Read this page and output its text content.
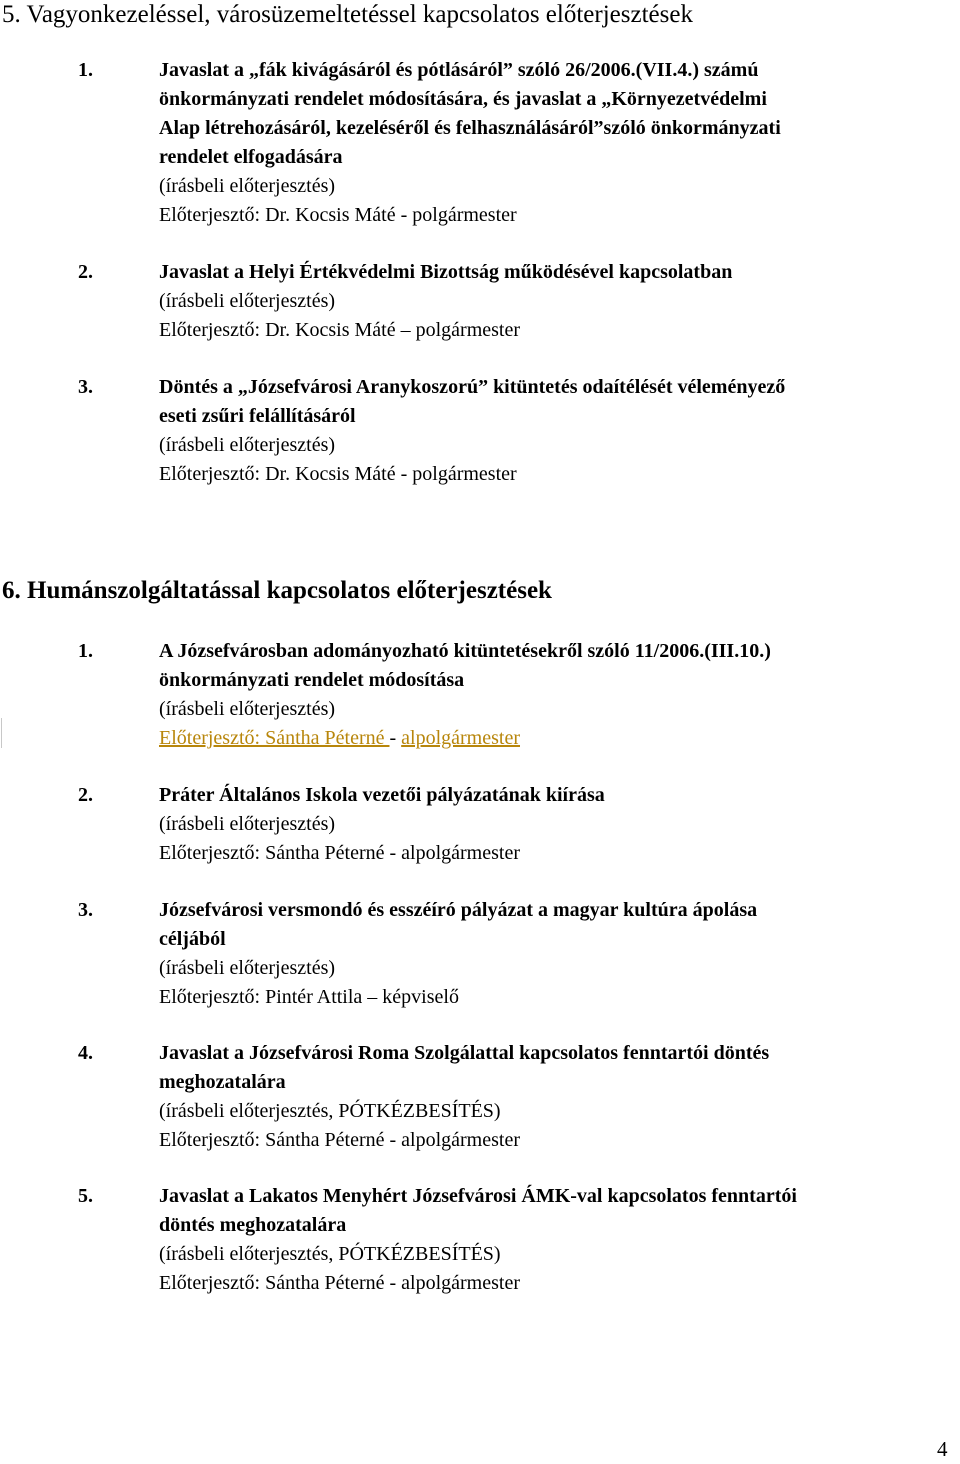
5. Vagyonkezeléssel, városüzemeltetéssel kapcsolatos előterjesztések
1.	Javaslat a „fák kivágásáról és pótlásáról” szóló 26/2006.(VII.4.) számú
önkormányzati rendelet módosítására, és javaslat a „Környezetvédelmi
Alap létrehozásáról, kezeléséről és felhasználásáról”szóló önkormányzati
rendelet elfogadására
(írásbeli előterjesztés)
Előterjesztő: Dr. Kocsis Máté - polgármester
2.	Javaslat a Helyi Értékvédelmi Bizottság működésével kapcsolatban
(írásbeli előterjesztés)
Előterjesztő: Dr. Kocsis Máté – polgármester
3.	Döntés a „Józsefvárosi Aranykoszorú” kitüntetés odaítélését véleményező
eseti zsűri felállításáról
(írásbeli előterjesztés)
Előterjesztő: Dr. Kocsis Máté - polgármester
6. Humánszolgáltatással kapcsolatos előterjesztések
1.	A Józsefvárosban adományozható kitüntetésekről szóló 11/2006.(III.10.)
önkormányzati rendelet módosítása
(írásbeli előterjesztés)
Előterjesztő: Sántha Péterné - alpolgármester
2.	Práter Általános Iskola vezetői pályázatának kiírása
(írásbeli előterjesztés)
Előterjesztő: Sántha Péterné - alpolgármester
3.	Józsefvárosi versmondó és esszéíró pályázat a magyar kultúra ápolása
céljából
(írásbeli előterjesztés)
Előterjesztő: Pintér Attila – képviselő
4.	Javaslat a Józsefvárosi Roma Szolgálattal kapcsolatos fenntartói döntés
meghozatalára
(írásbeli előterjesztés, PÓTKÉZBESÍTÉS)
Előterjesztő: Sántha Péterné - alpolgármester
5.	Javaslat a Lakatos Menyhért Józsefvárosi ÁMK-val kapcsolatos fenntartói
döntés meghozatalára
(írásbeli előterjesztés, PÓTKÉZBESÍTÉS)
Előterjesztő: Sántha Péterné - alpolgármester
4
